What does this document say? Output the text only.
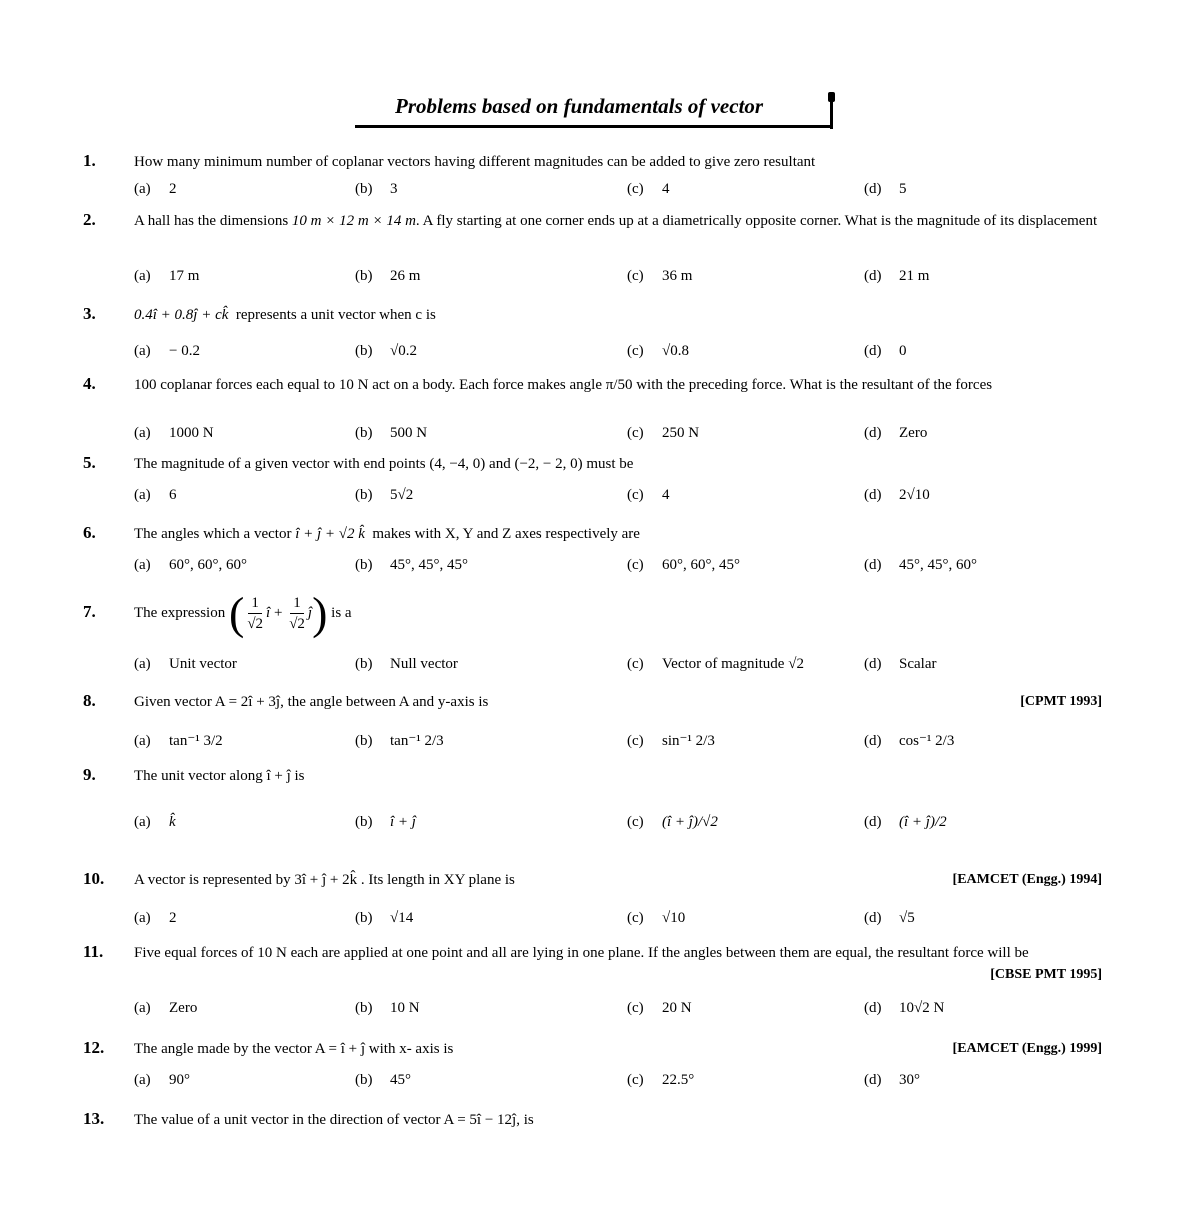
Problems based on fundamentals of vector
1.	How many minimum number of coplanar vectors having different magnitudes can be added to give zero resultant
(a) 2	(b) 3	(c) 4	(d) 5
2.	A hall has the dimensions 10 m × 12 m × 14 m. A fly starting at one corner ends up at a diametrically opposite corner. What is the magnitude of its displacement
(a) 17 m	(b) 26 m	(c) 36 m	(d) 21 m
3.	0.4î + 0.8ĵ + ck̂ represents a unit vector when c is
(a) − 0.2	(b) √0.2	(c) √0.8	(d) 0
4.	100 coplanar forces each equal to 10 N act on a body. Each force makes angle π/50 with the preceding force. What is the resultant of the forces
(a) 1000 N	(b) 500 N	(c) 250 N	(d) Zero
5.	The magnitude of a given vector with end points (4, −4, 0) and (−2, − 2, 0) must be
(a) 6	(b) 5√2	(c) 4	(d) 2√10
6.	The angles which a vector î + ĵ + √2 k̂ makes with X, Y and Z axes respectively are
(a) 60°, 60°, 60°	(b) 45°, 45°, 45°	(c) 60°, 60°, 45°	(d) 45°, 45°, 60°
7.	The expression ( $\frac{1}{√2}$ î + $\frac{1}{√2}$ ĵ) is a
(a) Unit vector	(b) Null vector	(c) Vector of magnitude √2	(d) Scalar
8.	[CPMT 1993]
Given vector A = 2î + 3ĵ, the angle between A and y-axis is
(a) tan⁻¹ 3/2	(b) tan⁻¹ 2/3	(c) sin⁻¹ 2/3	(d) cos⁻¹ 2/3
9.	The unit vector along î + ĵ is
(a) k̂	(b) î + ĵ	(c) (î + ĵ)/√2	(d) (î + ĵ)/2
10.	[EAMCET (Engg.) 1994]
A vector is represented by 3î + ĵ + 2k̂ . Its length in XY plane is
(a) 2	(b) √14	(c) √10	(d) √5
11.	Five equal forces of 10 N each are applied at one point and all are lying in one plane. If the angles between them are equal, the resultant force will be
[CBSE PMT 1995]
(a) Zero	(b) 10 N	(c) 20 N	(d) 10√2 N
12.	[EAMCET (Engg.) 1999]
The angle made by the vector A = î + ĵ with x- axis is
(a) 90°	(b) 45°	(c) 22.5°	(d) 30°
13.	The value of a unit vector in the direction of vector A = 5î − 12ĵ, is
